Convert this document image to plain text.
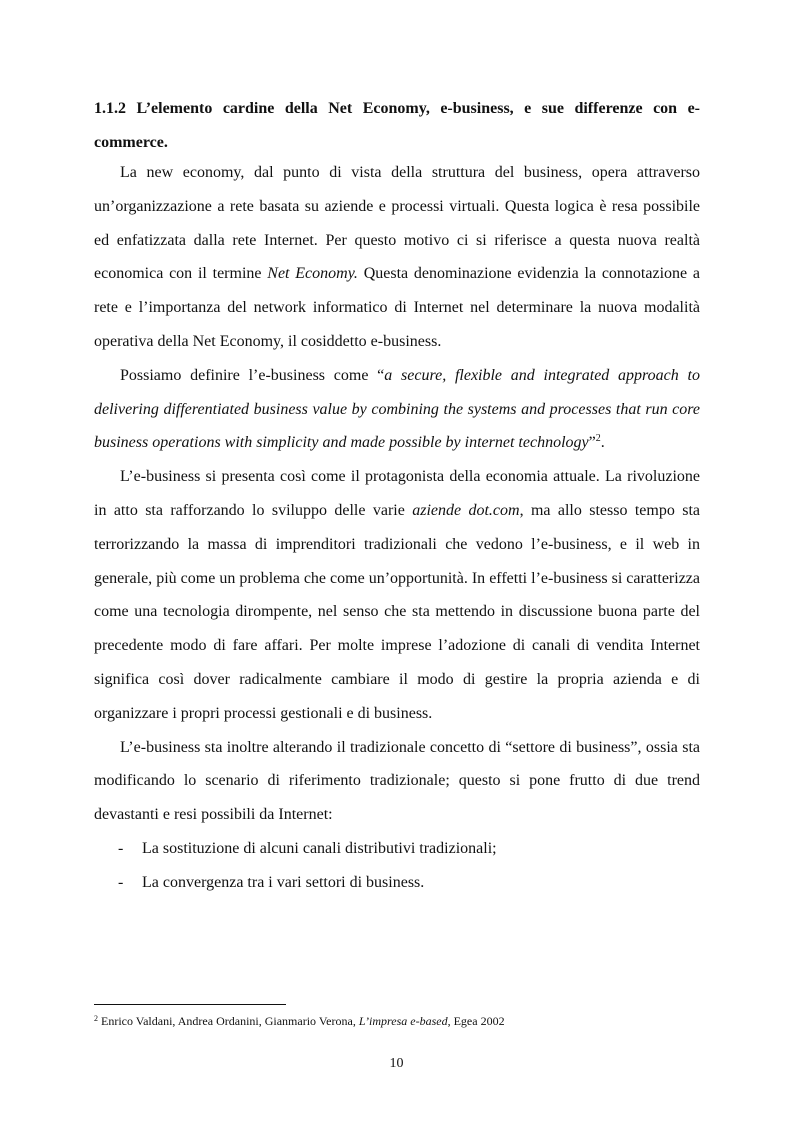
1.1.2 L’elemento cardine della Net Economy, e-business, e sue differenze con e-commerce.

La new economy, dal punto di vista della struttura del business, opera attraverso un’organizzazione a rete basata su aziende e processi virtuali. Questa logica è resa possibile ed enfatizzata dalla rete Internet. Per questo motivo ci si riferisce a questa nuova realtà economica con il termine Net Economy. Questa denominazione evidenzia la connotazione a rete e l’importanza del network informatico di Internet nel determinare la nuova modalità operativa della Net Economy, il cosiddetto e-business.

Possiamo definire l’e-business come “a secure, flexible and integrated approach to delivering differentiated business value by combining the systems and processes that run core business operations with simplicity and made possible by internet technology”$^2$.

L’e-business si presenta così come il protagonista della economia attuale. La rivoluzione in atto sta rafforzando lo sviluppo delle varie aziende dot.com, ma allo stesso tempo sta terrorizzando la massa di imprenditori tradizionali che vedono l’e-business, e il web in generale, più come un problema che come un’opportunità. In effetti l’e-business si caratterizza come una tecnologia dirompente, nel senso che sta mettendo in discussione buona parte del precedente modo di fare affari. Per molte imprese l’adozione di canali di vendita Internet significa così dover radicalmente cambiare il modo di gestire la propria azienda e di organizzare i propri processi gestionali e di business.

L’e-business sta inoltre alterando il tradizionale concetto di “settore di business”, ossia sta modificando lo scenario di riferimento tradizionale; questo si pone frutto di due trend devastanti e resi possibili da Internet:

- La sostituzione di alcuni canali distributivi tradizionali;
- La convergenza tra i vari settori di business.

$^2$ Enrico Valdani, Andrea Ordanini, Gianmario Verona, L’impresa e-based, Egea 2002

10
